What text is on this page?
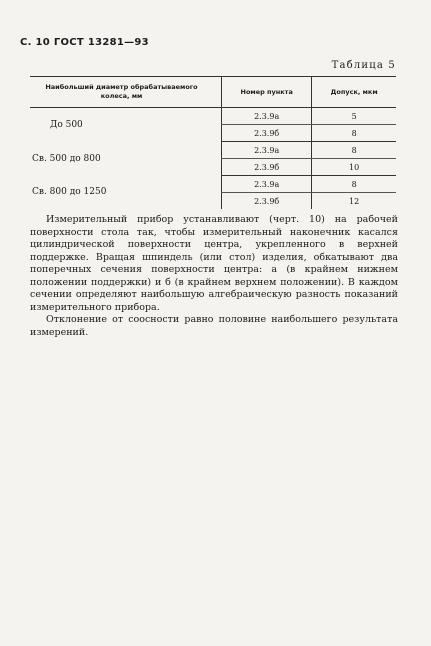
С. 10 ГОСТ 13281—93
Таблица 5
Наибольший диаметр обрабатываемого колеса, мм	Номер пункта	Допуск, мкм
До 500	2.3.9а	5
	2.3.9б	8
Св. 500 до 800	2.3.9а	8
	2.3.9б	10
Св. 800 до 1250	2.3.9а	8
	2.3.9б	12

Измерительный прибор устанавливают (черт. 10) на рабочей поверхности стола так, чтобы измерительный наконечник касался цилиндрической поверхности центра, укрепленного в верхней поддержке. Вращая шпиндель (или стол) изделия, обкатывают два поперечных сечения поверхности центра: а (в крайнем нижнем положении поддержки) и б (в крайнем верхнем положении). В каждом сечении определяют наибольшую алгебраическую разность показаний измерительного прибора.

Отклонение от соосности равно половине наибольшего результата измерений.
